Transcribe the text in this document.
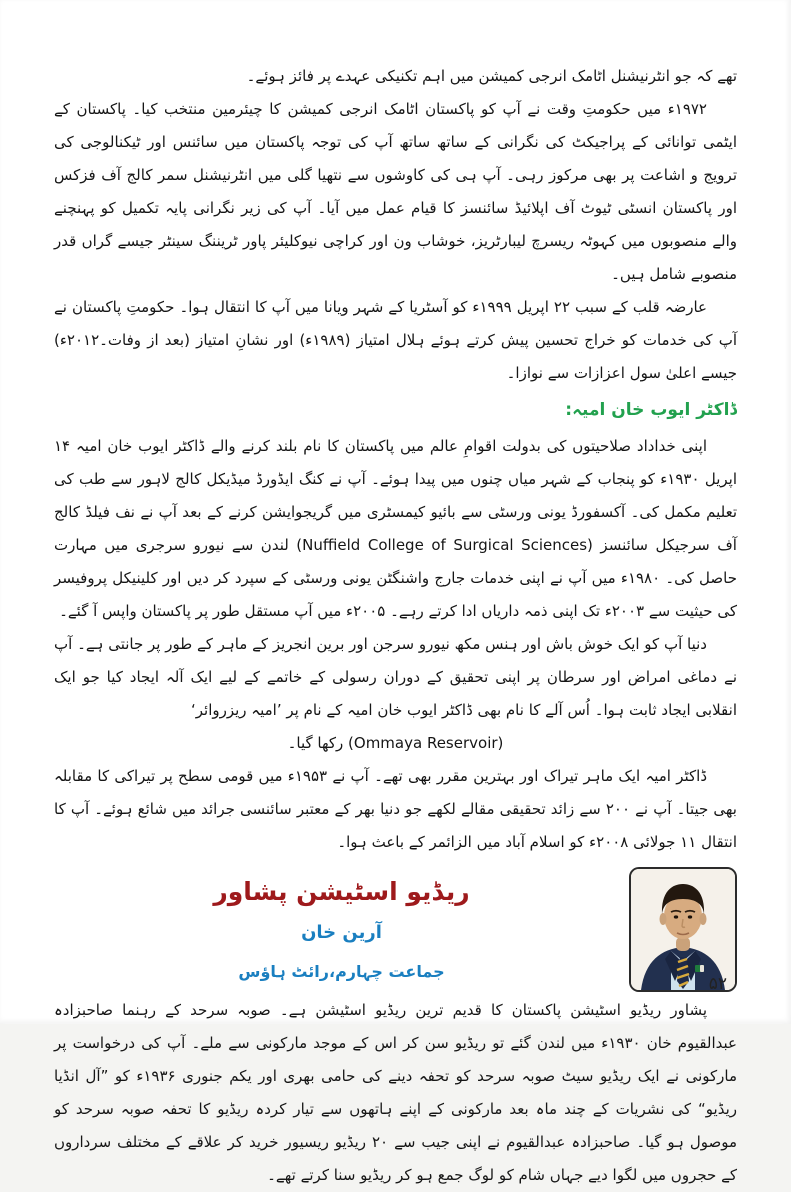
تھے کہ جو انٹرنیشنل اٹامک انرجی کمیشن میں اہم تکنیکی عہدے پر فائز ہوئے۔

۱۹۷۲ء میں حکومتِ وقت نے آپ کو پاکستان اٹامک انرجی کمیشن کا چیئرمین منتخب کیا۔ پاکستان کے ایٹمی توانائی کے پراجیکٹ کی نگرانی کے ساتھ ساتھ آپ کی توجہ پاکستان میں سائنس اور ٹیکنالوجی کی ترویج و اشاعت پر بھی مرکوز رہی۔ آپ ہی کی کاوشوں سے نتھیا گلی میں انٹرنیشنل سمر کالج آف فزکس اور پاکستان انسٹی ٹیوٹ آف اپلائیڈ سائنسز کا قیام عمل میں آیا۔ آپ کی زیر نگرانی پایہ تکمیل کو پہنچنے والے منصوبوں میں کہوٹہ ریسرچ لیبارٹریز، خوشاب ون اور کراچی نیوکلیئر پاور ٹریننگ سینٹر جیسے گراں قدر منصوبے شامل ہیں۔

عارضہ قلب کے سبب ۲۲ اپریل ۱۹۹۹ء کو آسٹریا کے شہر ویانا میں آپ کا انتقال ہوا۔ حکومتِ پاکستان نے آپ کی خدمات کو خراج تحسین پیش کرتے ہوئے ہلال امتیاز (۱۹۸۹ء) اور نشانِ امتیاز (بعد از وفات۔۲۰۱۲ء) جیسے اعلیٰ سول اعزازات سے نوازا۔

ڈاکٹر ایوب خان امیہ:

اپنی خداداد صلاحیتوں کی بدولت اقوامِ عالم میں پاکستان کا نام بلند کرنے والے ڈاکٹر ایوب خان امیہ ۱۴ اپریل ۱۹۳۰ء کو پنجاب کے شہر میاں چنوں میں پیدا ہوئے۔ آپ نے کنگ ایڈورڈ میڈیکل کالج لاہور سے طب کی تعلیم مکمل کی۔ آکسفورڈ یونی ورسٹی سے بائیو کیمسٹری میں گریجوایشن کرنے کے بعد آپ نے نف فیلڈ کالج آف سرجیکل سائنسز (Nuffield College of Surgical Sciences) لندن سے نیورو سرجری میں مہارت حاصل کی۔ ۱۹۸۰ء میں آپ نے اپنی خدمات جارج واشنگٹن یونی ورسٹی کے سپرد کر دیں اور کلینیکل پروفیسر کی حیثیت سے ۲۰۰۳ء تک اپنی ذمہ داریاں ادا کرتے رہے۔ ۲۰۰۵ء میں آپ مستقل طور پر پاکستان واپس آ گئے۔

دنیا آپ کو ایک خوش باش اور ہنس مکھ نیورو سرجن اور برین انجریز کے ماہر کے طور پر جانتی ہے۔ آپ نے دماغی امراض اور سرطان پر اپنی تحقیق کے دوران رسولی کے خاتمے کے لیے ایک آلہ ایجاد کیا جو ایک انقلابی ایجاد ثابت ہوا۔ اُس آلے کا نام بھی ڈاکٹر ایوب خان امیہ کے نام پر ’امیہ ریزروائر‘

(Ommaya Reservoir) رکھا گیا۔

ڈاکٹر امیہ ایک ماہر تیراک اور بہترین مقرر بھی تھے۔ آپ نے ۱۹۵۳ء میں قومی سطح پر تیراکی کا مقابلہ بھی جیتا۔ آپ نے ۲۰۰ سے زائد تحقیقی مقالے لکھے جو دنیا بھر کے معتبر سائنسی جرائد میں شائع ہوئے۔ آپ کا انتقال ۱۱ جولائی ۲۰۰۸ء کو اسلام آباد میں الزائمر کے باعث ہوا۔

ریڈیو اسٹیشن پشاور
آرین خان
جماعت چہارم،رائٹ ہاؤس

پشاور ریڈیو اسٹیشن پاکستان کا قدیم ترین ریڈیو اسٹیشن ہے۔ صوبہ سرحد کے رہنما صاحبزادہ عبدالقیوم خان ۱۹۳۰ء میں لندن گئے تو ریڈیو سن کر اس کے موجد مارکونی سے ملے۔ آپ کی درخواست پر مارکونی نے ایک ریڈیو سیٹ صوبہ سرحد کو تحفہ دینے کی حامی بھری اور یکم جنوری ۱۹۳۶ء کو ”آل انڈیا ریڈیو“ کی نشریات کے چند ماہ بعد مارکونی کے اپنے ہاتھوں سے تیار کردہ ریڈیو کا تحفہ صوبہ سرحد کو موصول ہو گیا۔ صاحبزادہ عبدالقیوم نے اپنی جیب سے ۲۰ ریڈیو ریسیور خرید کر علاقے کے مختلف سرداروں کے حجروں میں لگوا دیے جہاں شام کو لوگ جمع ہو کر ریڈیو سنا کرتے تھے۔

۵۲
